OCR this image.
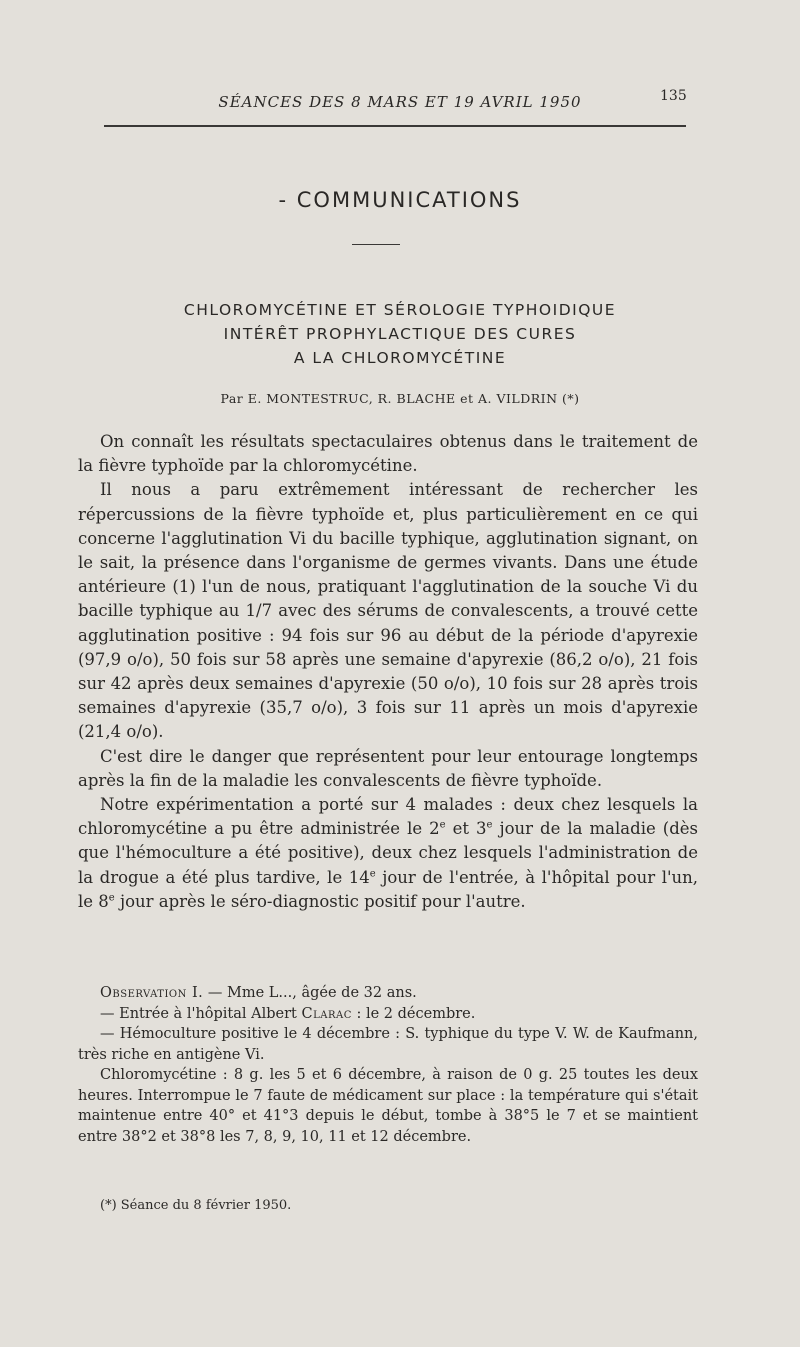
SÉANCES DES 8 MARS ET 19 AVRIL 1950	135
- COMMUNICATIONS
CHLOROMYCÉTINE ET SÉROLOGIE TYPHOIDIQUE
INTÉRÊT PROPHYLACTIQUE DES CURES
A LA CHLOROMYCÉTINE
Par E. MONTESTRUC, R. BLACHE et A. VILDRIN (*)

On connaît les résultats spectaculaires obtenus dans le traitement de la fièvre typhoïde par la chloromycétine.

Il nous a paru extrêmement intéressant de rechercher les répercussions de la fièvre typhoïde et, plus particulièrement en ce qui concerne l'agglutination Vi du bacille typhique, agglutination signant, on le sait, la présence dans l'organisme de germes vivants. Dans une étude antérieure (1) l'un de nous, pratiquant l'agglutination de la souche Vi du bacille typhique au 1/7 avec des sérums de convalescents, a trouvé cette agglutination positive : 94 fois sur 96 au début de la période d'apyrexie (97,9 o/o), 50 fois sur 58 après une semaine d'apyrexie (86,2 o/o), 21 fois sur 42 après deux semaines d'apyrexie (50 o/o), 10 fois sur 28 après trois semaines d'apyrexie (35,7 o/o), 3 fois sur 11 après un mois d'apyrexie (21,4 o/o).

C'est dire le danger que représentent pour leur entourage longtemps après la fin de la maladie les convalescents de fièvre typhoïde.

Notre expérimentation a porté sur 4 malades : deux chez lesquels la chloromycétine a pu être administrée le 2e et 3e jour de la maladie (dès que l'hémoculture a été positive), deux chez lesquels l'administration de la drogue a été plus tardive, le 14e jour de l'entrée, à l'hôpital pour l'un, le 8e jour après le séro-diagnostic positif pour l'autre.

Observation I. — Mme L..., âgée de 32 ans.

— Entrée à l'hôpital Albert Clarac : le 2 décembre.

— Hémoculture positive le 4 décembre : S. typhique du type V. W. de Kaufmann, très riche en antigène Vi.

Chloromycétine : 8 g. les 5 et 6 décembre, à raison de 0 g. 25 toutes les deux heures. Interrompue le 7 faute de médicament sur place : la température qui s'était maintenue entre 40° et 41°3 depuis le début, tombe à 38°5 le 7 et se maintient entre 38°2 et 38°8 les 7, 8, 9, 10, 11 et 12 décembre.

(*) Séance du 8 février 1950.
